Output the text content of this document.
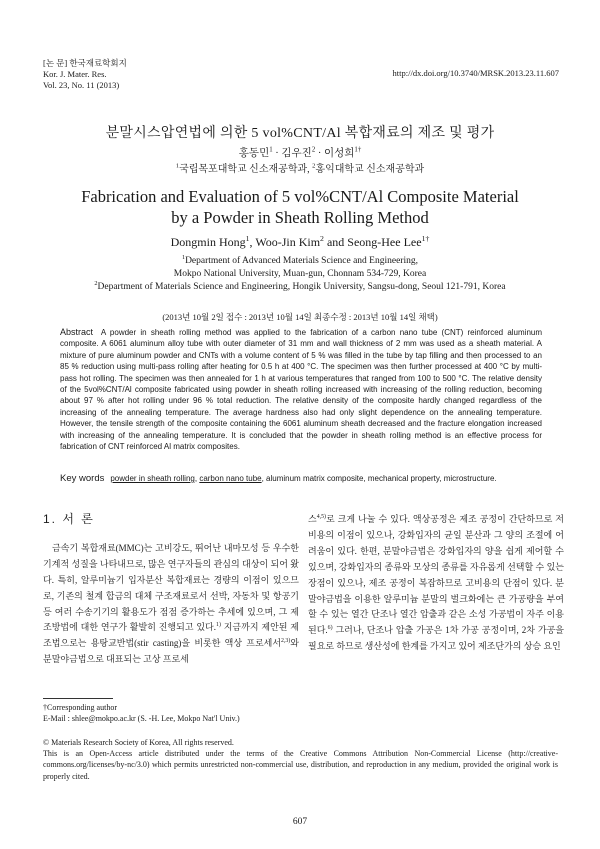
[논 문] 한국재료학회지
Kor. J. Mater. Res.
Vol. 23, No. 11 (2013)
http://dx.doi.org/10.3740/MRSK.2013.23.11.607
분말시스압연법에 의한 5 vol%CNT/Al 복합재료의 제조 및 평가
홍동민$^1$ · 김우진$^2$ · 이성희$^{1\dagger}$
$^1$국립목포대학교 신소재공학과, $^2$홍익대학교 신소재공학과
Fabrication and Evaluation of 5 vol%CNT/Al Composite Material
by a Powder in Sheath Rolling Method
Dongmin Hong$^1$, Woo-Jin Kim$^2$ and Seong-Hee Lee$^{1\dagger}$
$^1$Department of Advanced Materials Science and Engineering,
Mokpo National University, Muan-gun, Chonnam 534-729, Korea
$^2$Department of Materials Science and Engineering, Hongik University, Sangsu-dong, Seoul 121-791, Korea
(2013년 10월 2일 접수 : 2013년 10월 14일 최종수정 : 2013년 10월 14일 채택)
Abstract A powder in sheath rolling method was applied to the fabrication of a carbon nano tube (CNT) reinforced aluminum composite. A 6061 aluminum alloy tube with outer diameter of 31 mm and wall thickness of 2 mm was used as a sheath material. A mixture of pure aluminum powder and CNTs with a volume content of 5 % was filled in the tube by tap filling and then processed to an 85 % reduction using multi-pass rolling after heating for 0.5 h at 400 °C. The specimen was then further processed at 400 °C by multi-pass hot rolling. The specimen was then annealed for 1 h at various temperatures that ranged from 100 to 500 °C. The relative density of the 5vol%CNT/Al composite fabricated using powder in sheath rolling increased with increasing of the rolling reduction, becoming about 97 % after hot rolling under 96 % total reduction. The relative density of the composite hardly changed regardless of the increasing of the annealing temperature. The average hardness also had only slight dependence on the annealing temperature. However, the tensile strength of the composite containing the 6061 aluminum sheath decreased and the fracture elongation increased with increasing of the annealing temperature. It is concluded that the powder in sheath rolling method is an effective process for fabrication of CNT reinforced Al matrix composites.
Key words powder in sheath rolling, carbon nano tube, aluminum matrix composite, mechanical property, microstructure.
1. 서 론
금속기 복합재료(MMC)는 고비강도, 뛰어난 내마모성 등 우수한 기계적 성질을 나타내므로, 많은 연구자들의 관심의 대상이 되어 왔다. 특히, 알루미늄기 입자분산 복합재료는 경량의 이점이 있으므로, 기존의 철계 합금의 대체 구조재료로서 선박, 자동차 및 항공기 등 여러 수송기기의 활용도가 점점 증가하는 추세에 있으며, 그 제조방법에 대한 연구가 활발히 진행되고 있다.$^{1)}$ 지금까지 제안된 제조법으로는 용탕교반법(stir casting)을 비롯한 액상 프로세서$^{2,3)}$와 분말야금법으로 대표되는 고상 프로세
스$^{4,5)}$로 크게 나눌 수 있다. 액상공정은 제조 공정이 간단하므로 저비용의 이점이 있으나, 강화입자의 균일 분산과 그 양의 조절에 어려움이 있다. 한편, 분말야금법은 강화입자의 양을 쉽게 제어할 수 있으며, 강화입자의 종류와 모상의 종류를 자유롭게 선택할 수 있는 장점이 있으나, 제조 공정이 복잡하므로 고비용의 단점이 있다. 분말야금법을 이용한 알루미늄 분말의 벌크화에는 큰 가공량을 부여할 수 있는 열간 단조나 열간 압출과 같은 소성 가공법이 자주 이용된다.$^{6)}$ 그러나, 단조나 압출 가공은 1차 가공 공정이며, 2차 가공을 필요로 하므로 생산성에 한계를 가지고 있어 제조단가의 상승 요인
†Corresponding author
E-Mail : shlee@mokpo.ac.kr (S. -H. Lee, Mokpo Nat'l Univ.)
© Materials Research Society of Korea, All rights reserved.
This is an Open-Access article distributed under the terms of the Creative Commons Attribution Non-Commercial License (http://creative-commons.org/licenses/by-nc/3.0) which permits unrestricted non-commercial use, distribution, and reproduction in any medium, provided the original work is properly cited.
607
